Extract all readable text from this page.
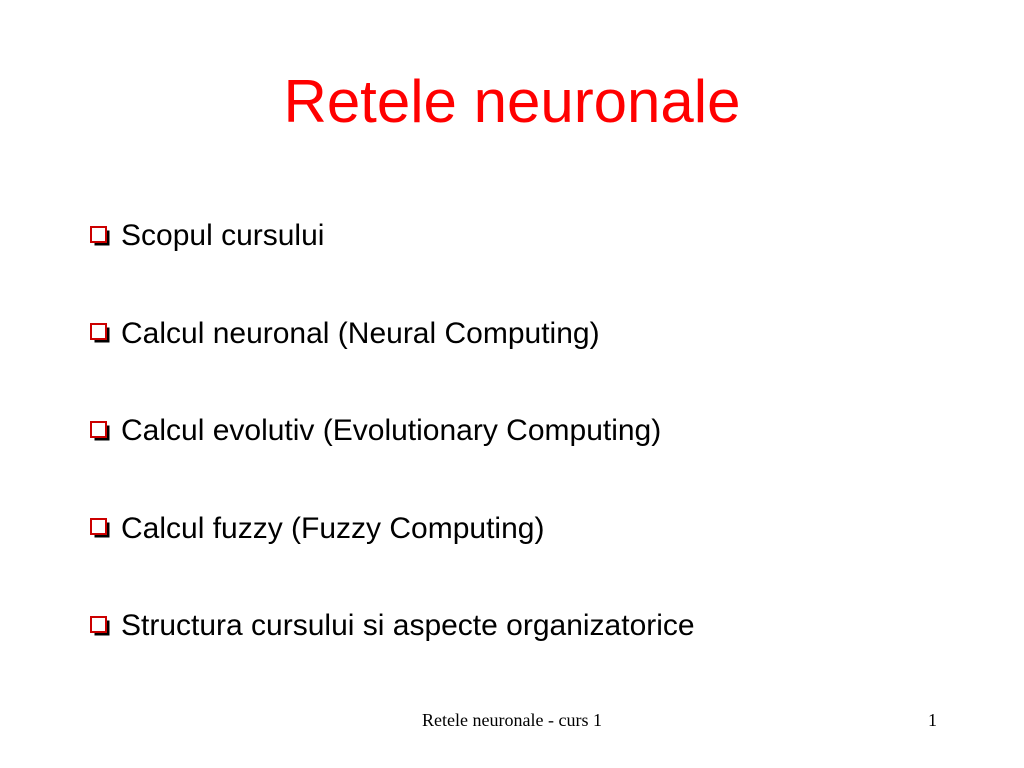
Retele neuronale
Scopul cursului
Calcul neuronal (Neural Computing)
Calcul evolutiv (Evolutionary Computing)
Calcul fuzzy (Fuzzy Computing)
Structura cursului si aspecte organizatorice
Retele neuronale - curs 1	1
